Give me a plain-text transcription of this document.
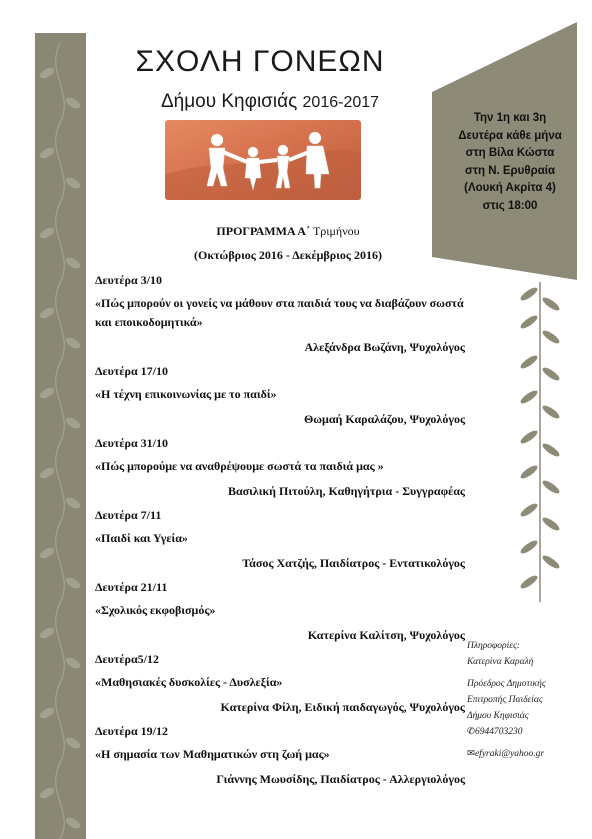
ΣΧΟΛΗ ΓΟΝΕΩΝ
Δήμου Κηφισιάς 2016-2017
Την 1η και 3η
Δευτέρα κάθε μήνα
στη Βίλα Κώστα
στη Ν. Ερυθραία
(Λουκή Ακρίτα 4)
στις 18:00
ΠΡΟΓΡΑΜΜΑ Α΄ Τριμήνου
(Οκτώβριος 2016 - Δεκέμβριος 2016)
Δευτέρα 3/10
«Πώς μπορούν οι γονείς να μάθουν στα παιδιά τους να διαβάζουν σωστά και εποικοδομητικά»
Αλεξάνδρα Βωζάνη, Ψυχολόγος
Δευτέρα 17/10
«Η τέχνη επικοινωνίας με το παιδί»
Θωμαή Καραλάζου, Ψυχολόγος
Δευτέρα 31/10
«Πώς μπορούμε να αναθρέψουμε σωστά τα παιδιά μας »
Βασιλική Πιτούλη, Καθηγήτρια - Συγγραφέας
Δευτέρα 7/11
«Παιδί και Υγεία»
Τάσος Χατζής, Παιδίατρος - Εντατικολόγος
Δευτέρα 21/11
«Σχολικός εκφοβισμός»
Κατερίνα Καλίτση, Ψυχολόγος
Δευτέρα5/12
«Μαθησιακές δυσκολίες - Δυσλεξία»
Κατερίνα Φίλη, Ειδική παιδαγωγός, Ψυχολόγος
Δευτέρα 19/12
«Η σημασία των Μαθηματικών στη ζωή μας»
Γιάννης Μωυσίδης, Παιδίατρος - Αλλεργιολόγος
Πληροφορίες:
Κατερίνα Καραλή
Πρόεδρος Δημοτικής
Επιτροπής Παιδείας
Δήμου Κηφισιάς
✆6944703230
✉efyraki@yahoo.gr
